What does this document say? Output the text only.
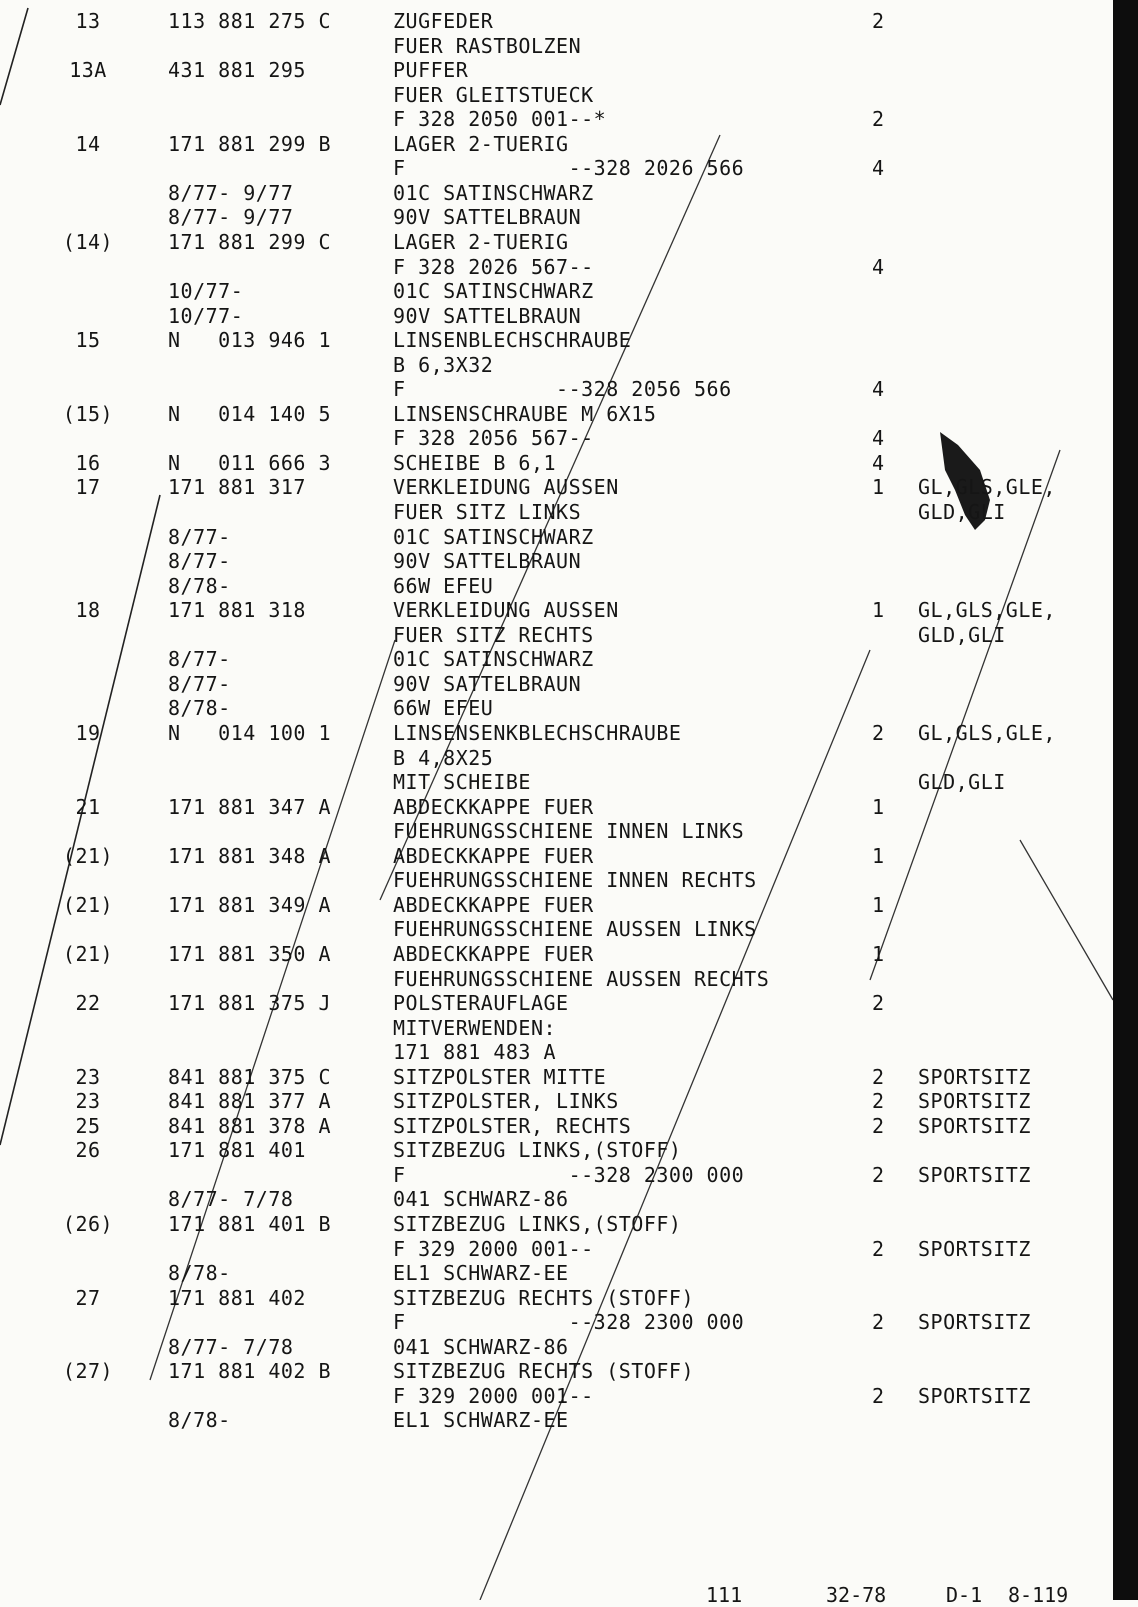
13	113 881 275 C	ZUGFEDER	2
FUER RASTBOLZEN
13A	431 881 295	PUFFER
FUER GLEITSTUECK
F 328 2050 001--*	2
14	171 881 299 B	LAGER 2-TUERIG
F             --328 2026 566	4
8/77- 9/77	01C SATINSCHWARZ
8/77- 9/77	90V SATTELBRAUN
(14)	171 881 299 C	LAGER 2-TUERIG
F 328 2026 567--	4
10/77-	01C SATINSCHWARZ
10/77-	90V SATTELBRAUN
15	N   013 946 1	LINSENBLECHSCHRAUBE
B 6,3X32
F            --328 2056 566	4
(15)	N   014 140 5	LINSENSCHRAUBE M 6X15
F 328 2056 567--	4
16	N   011 666 3	SCHEIBE B 6,1	4
17	171 881 317	VERKLEIDUNG AUSSEN	1 GL,GLS,GLE,
FUER SITZ LINKS	GLD,GLI
8/77-	01C SATINSCHWARZ
8/77-	90V SATTELBRAUN
8/78-	66W EFEU
18	171 881 318	VERKLEIDUNG AUSSEN	1 GL,GLS,GLE,
FUER SITZ RECHTS	GLD,GLI
8/77-	01C SATINSCHWARZ
8/77-	90V SATTELBRAUN
8/78-	66W EFEU
19	N   014 100 1	LINSENSENKBLECHSCHRAUBE	2 GL,GLS,GLE,
B 4,8X25
MIT SCHEIBE	GLD,GLI
21	171 881 347 A	ABDECKKAPPE FUER	1
FUEHRUNGSSCHIENE INNEN LINKS
(21)	171 881 348 A	ABDECKKAPPE FUER	1
FUEHRUNGSSCHIENE INNEN RECHTS
(21)	171 881 349 A	ABDECKKAPPE FUER	1
FUEHRUNGSSCHIENE AUSSEN LINKS
(21)	171 881 350 A	ABDECKKAPPE FUER	1
FUEHRUNGSSCHIENE AUSSEN RECHTS
22	171 881 375 J	POLSTERAUFLAGE	2
MITVERWENDEN:
171 881 483 A
23	841 881 375 C	SITZPOLSTER MITTE	2 SPORTSITZ
23	841 881 377 A	SITZPOLSTER, LINKS	2 SPORTSITZ
25	841 881 378 A	SITZPOLSTER, RECHTS	2 SPORTSITZ
26	171 881 401	SITZBEZUG LINKS,(STOFF)
F             --328 2300 000	2 SPORTSITZ
8/77- 7/78	041 SCHWARZ-86
(26)	171 881 401 B	SITZBEZUG LINKS,(STOFF)
F 329 2000 001--	2 SPORTSITZ
8/78-	EL1 SCHWARZ-EE
27	171 881 402	SITZBEZUG RECHTS (STOFF)
F             --328 2300 000	2 SPORTSITZ
8/77- 7/78	041 SCHWARZ-86
(27)	171 881 402 B	SITZBEZUG RECHTS (STOFF)
F 329 2000 001--	2 SPORTSITZ
8/78-	EL1 SCHWARZ-EE
111	32-78	D-1 8-119
